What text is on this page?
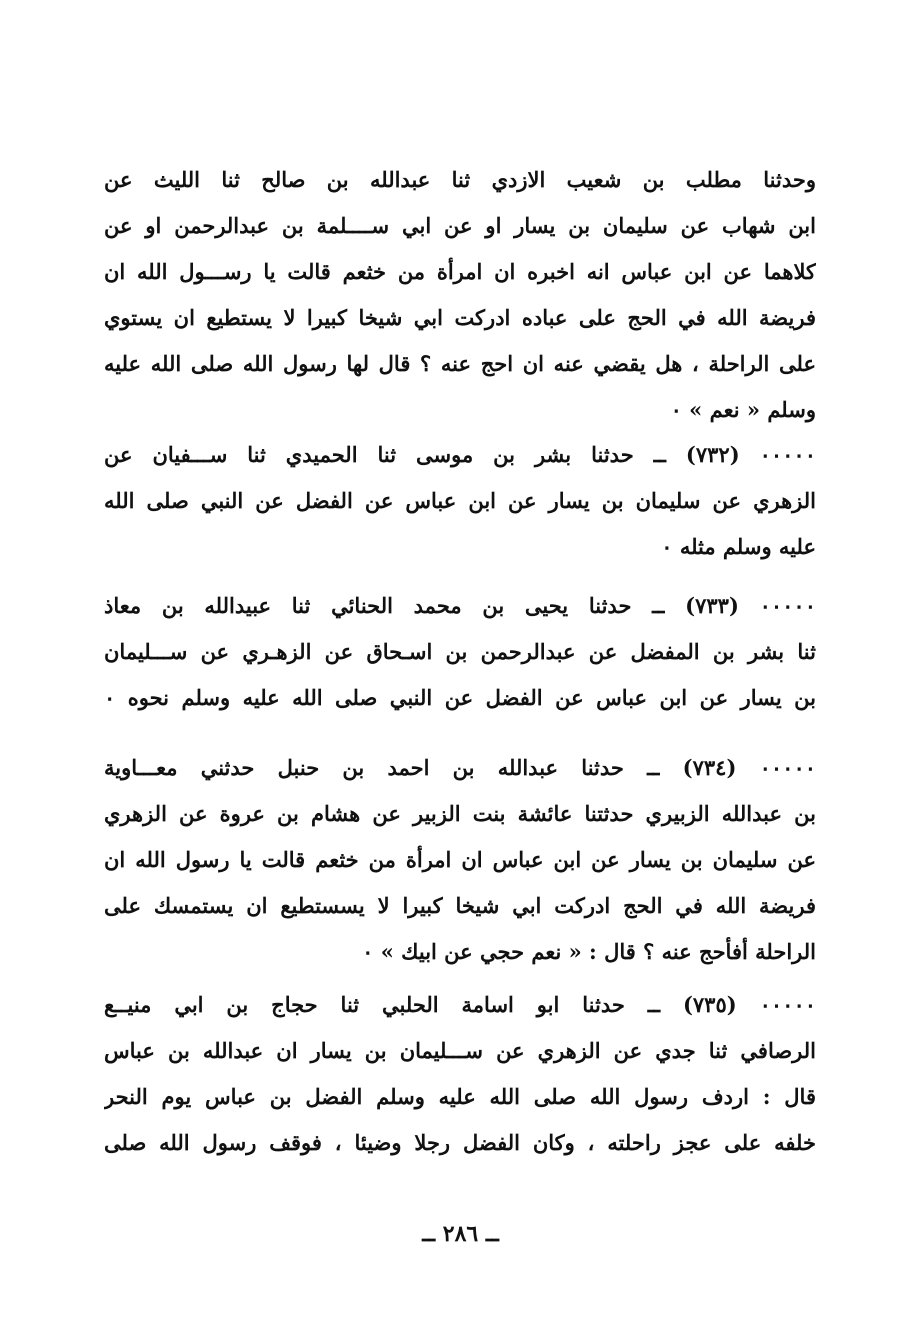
وحدثنا مطلب بن شعيب الازدي ثنا عبدالله بن صالح ثنا الليث عن
ابن شهاب عن سليمان بن يسار او عن ابي ســــلمة بن عبدالرحمن او عن
كلاهما عن ابن عباس انه اخبره ان امرأة من خثعم قالت يا رســـول الله ان
فريضة الله في الحج على عباده ادركت ابي شيخا كبيرا لا يستطيع ان يستوي
على الراحلة ، هل يقضي عنه ان احج عنه ؟ قال لها رسول الله صلى الله عليه
وسلم « نعم » ٠
٠٠٠٠٠ (٧٣٢) ــ حدثنا بشر بن موسى ثنا الحميدي ثنا ســـفيان عن
الزهري عن سليمان بن يسار عن ابن عباس عن الفضل عن النبي صلى الله
عليه وسلم مثله ٠
٠٠٠٠٠ (٧٣٣) ــ حدثنا يحيى بن محمد الحنائي ثنا عبيدالله بن معاذ
ثنا بشر بن المفضل عن عبدالرحمن بن اسـحاق عن الزهـري عن ســـليمان
بن يسار عن ابن عباس عن الفضل عن النبي صلى الله عليه وسلم نحوه ٠
٠٠٠٠٠ (٧٣٤) ــ حدثنا عبدالله بن احمد بن حنبل حدثني معـــاوية
بن عبدالله الزبيري حدثتنا عائشة بنت الزبير عن هشام بن عروة عن الزهري
عن سليمان بن يسار عن ابن عباس ان امرأة من خثعم قالت يا رسول الله ان
فريضة الله في الحج ادركت ابي شيخا كبيرا لا يسستطيع ان يستمسك على
الراحلة أفأحج عنه ؟ قال : « نعم حجي عن ابيك » ٠
٠٠٠٠٠ (٧٣٥) ــ حدثنا ابو اسامة الحلبي ثنا حجاج بن ابي منيــع
الرصافي ثنا جدي عن الزهري عن ســـليمان بن يسار ان عبدالله بن عباس
قال : اردف رسول الله صلى الله عليه وسلم الفضل بن عباس يوم النحر
خلفه على عجز راحلته ، وكان الفضل رجلا وضيئا ، فوقف رسول الله صلى
ــ ٢٨٦ ــ
